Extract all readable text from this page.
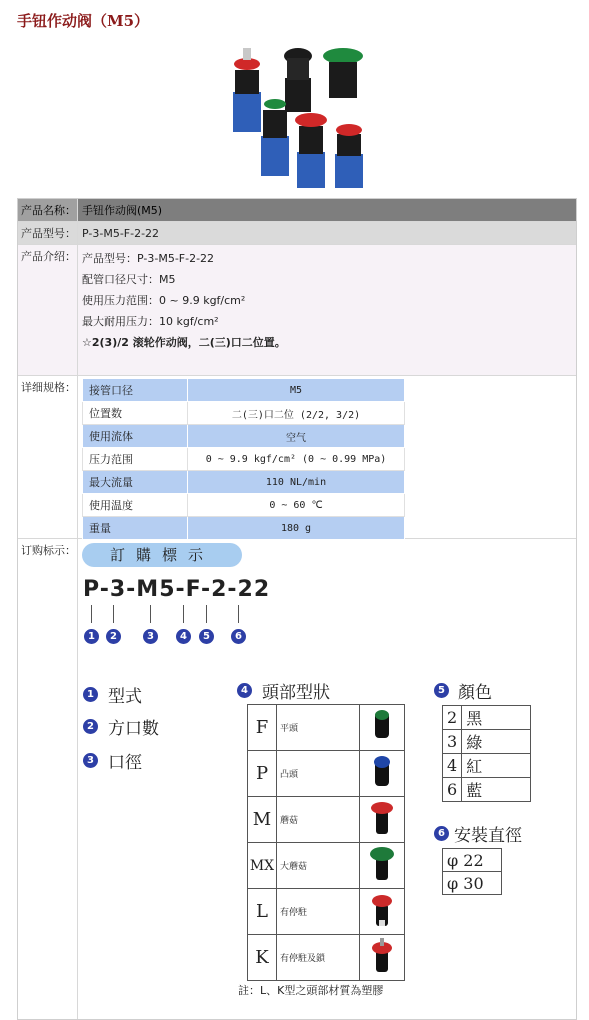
手钮作动阀（M5）
产品名称： 手钮作动阀(M5)
产品型号： P-3-M5-F-2-22
产品介绍： 产品型号：P-3-M5-F-2-22
配管口径尺寸：M5
使用压力范围：0 ~ 9.9 kgf/cm²
最大耐用压力：10 kgf/cm²
☆2(3)/2 滚轮作动阀，二(三)口二位置。
详细规格： 接管口径	M5
位置数	二(三)口二位 (2/2, 3/2)
使用流体	空气
压力范围	0 ~ 9.9 kgf/cm² (0 ~ 0.99 MPa)
最大流量	110 NL/min
使用温度	0 ~ 60 ℃
重量	180 g
订购标示：	訂購標示
P-3-M5-F-2-22
1	2	3	4	5	6
1 型式
2 方口數
3 口徑
4 頭部型狀
F	平頭	
P	凸頭	
M	蘑菇	
MX	大蘑菇	
L	有停駐	
K	有停駐及鎖	
5 顏色
2	黑
3	綠
4	紅
6	藍
6 安裝直徑
φ 22
φ 30
註：L、K型之頭部材質為塑膠
